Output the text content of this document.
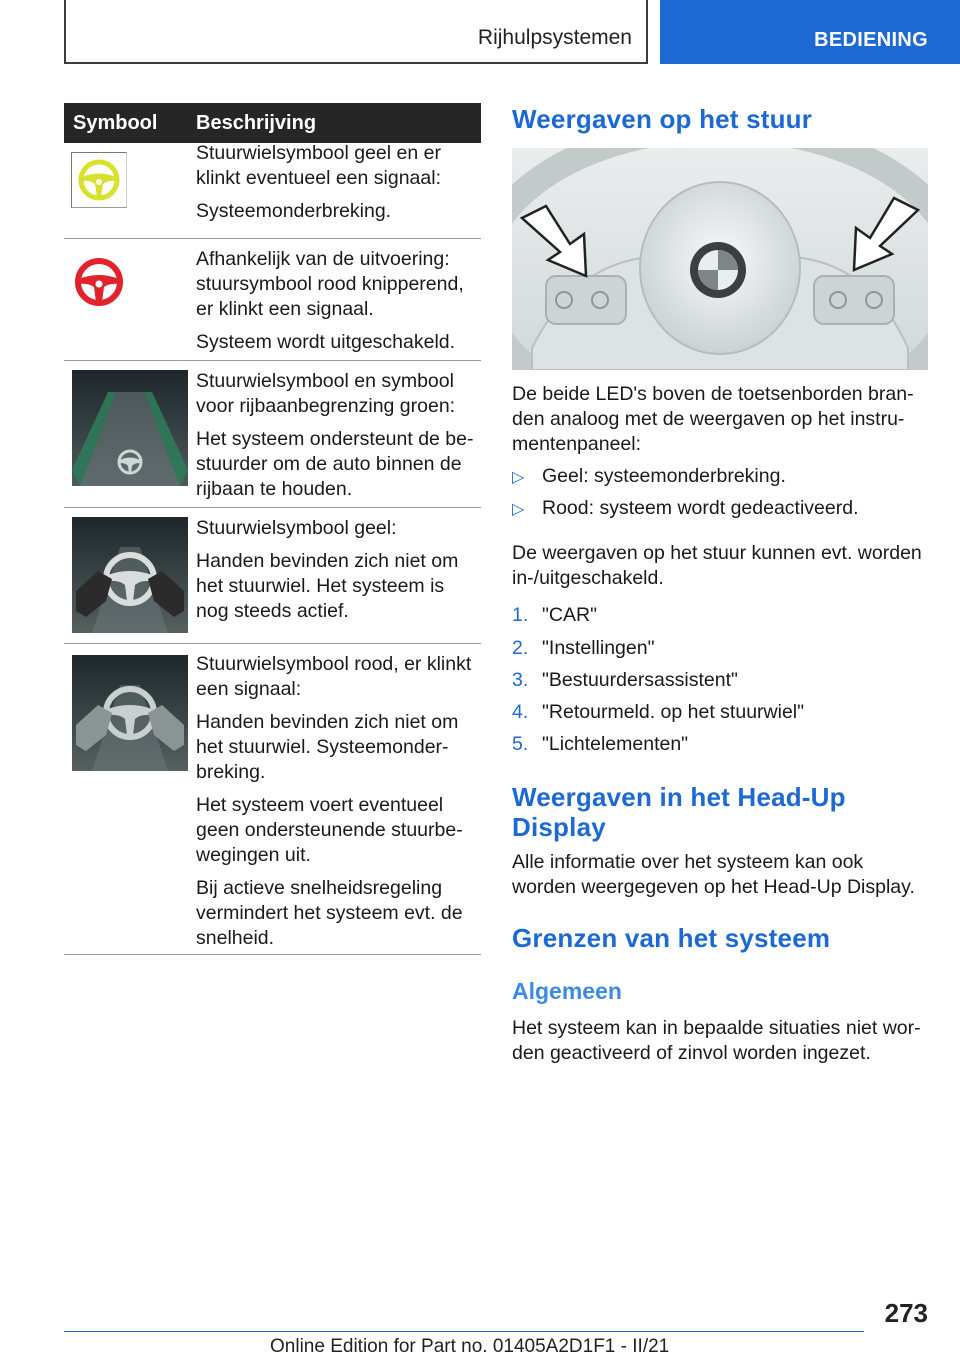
Rijhulpsystemen	BEDIENING
Symbool	Beschrijving

Stuurwielsymbool geel en er klinkt eventueel een signaal:

Systeemonderbreking.

Afhankelijk van de uitvoering: stuursymbool rood knipperend, er klinkt een signaal.

Systeem wordt uitgeschakeld.

Stuurwielsymbool en symbool voor rijbaanbegrenzing groen:

Het systeem ondersteunt de be-stuurder om de auto binnen de rijbaan te houden.

Stuurwielsymbool geel:

Handen bevinden zich niet om het stuurwiel. Het systeem is nog steeds actief.

Stuurwielsymbool rood, er klinkt een signaal:

Handen bevinden zich niet om het stuurwiel. Systeemonder-breking.

Het systeem voert eventueel geen ondersteunende stuurbe-wegingen uit.

Bij actieve snelheidsregeling vermindert het systeem evt. de snelheid.

Weergaven op het stuur
De beide LED's boven de toetsenborden bran-den analoog met de weergaven op het instru-mentenpaneel:
▷ Geel: systeemonderbreking.
▷ Rood: systeem wordt gedeactiveerd.
De weergaven op het stuur kunnen evt. worden in-/uitgeschakeld.
1. "CAR"
2. "Instellingen"
3. "Bestuurdersassistent"
4. "Retourmeld. op het stuurwiel"
5. "Lichtelementen"
Weergaven in het Head-Up
Display
Alle informatie over het systeem kan ook worden weergegeven op het Head-Up Display.
Grenzen van het systeem
Algemeen
Het systeem kan in bepaalde situaties niet wor-den geactiveerd of zinvol worden ingezet.
273
Online Edition for Part no. 01405A2D1F1 - II/21
